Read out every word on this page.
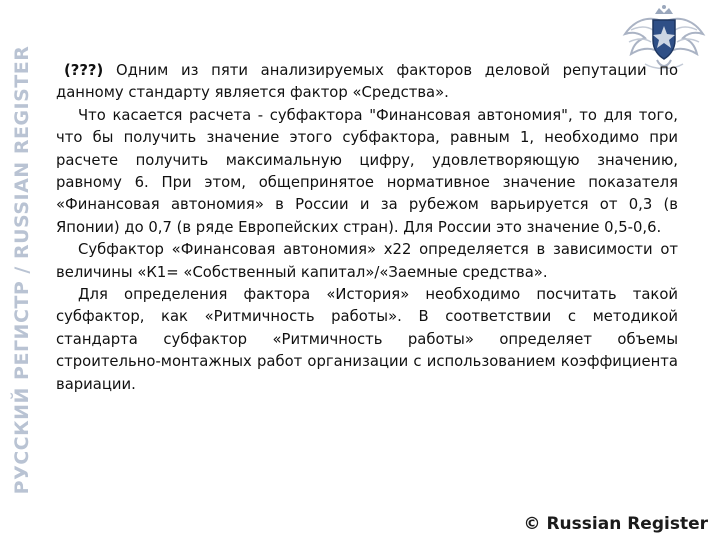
РУССКИЙ РЕГИСТР / RUSSIAN REGISTER	(???) Одним из пяти анализируемых факторов деловой репутации по данному стандарту является фактор «Средства».

Что касается расчета - субфактора "Финансовая автономия", то для того, что бы получить значение этого субфактора, равным 1, необходимо при расчете получить максимальную цифру, удовлетворяющую значению, равному 6. При этом, общепринятое нормативное значение показателя «Финансовая автономия» в России и за рубежом варьируется от 0,3 (в Японии) до 0,7 (в ряде Европейских стран). Для России это значение 0,5-0,6.

Субфактор «Финансовая автономия» х22 определяется в зависимости от величины «К1= «Собственный капитал»/«Заемные средства».

Для определения фактора «История» необходимо посчитать такой субфактор, как «Ритмичность работы». В соответствии с методикой стандарта субфактор «Ритмичность работы» определяет объемы строительно-монтажных работ организации с использованием коэффициента вариации.

© Russian Register
